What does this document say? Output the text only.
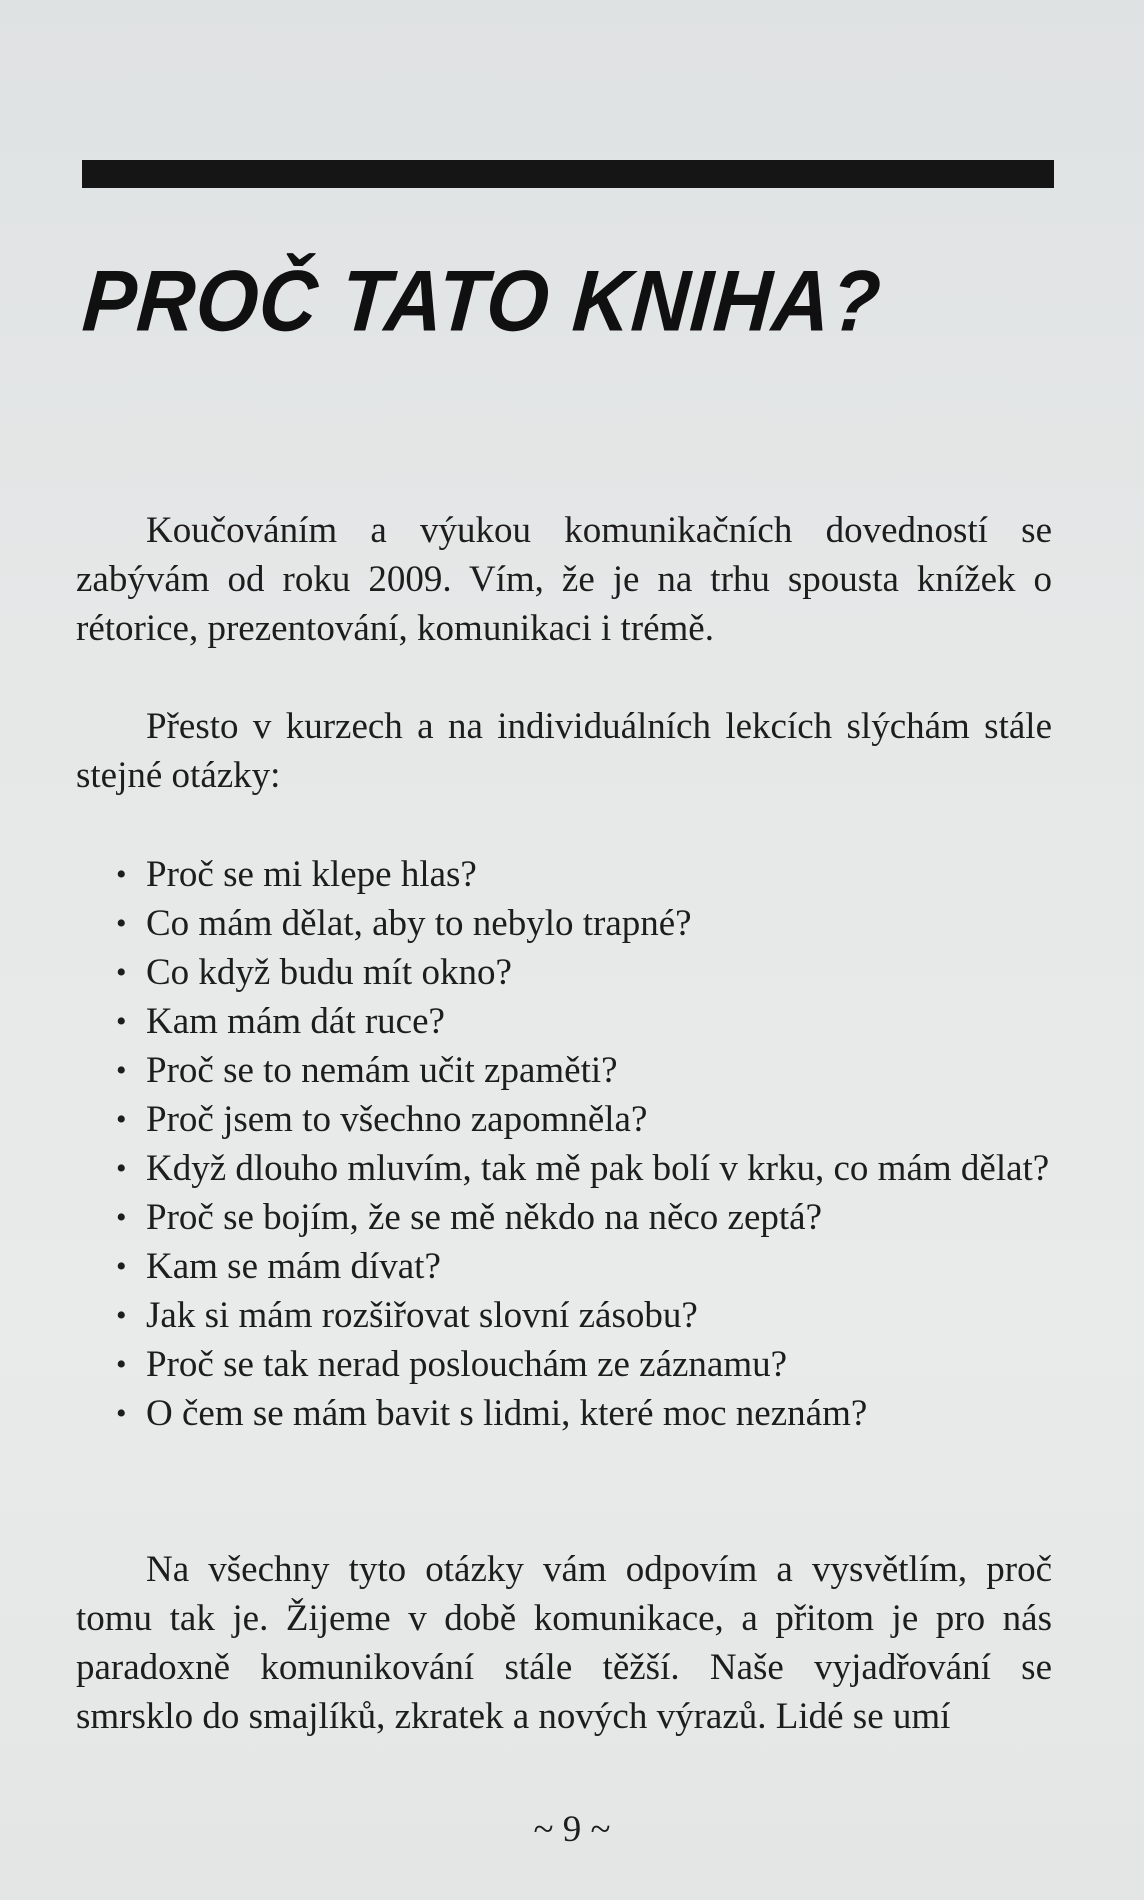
PROČ TATO KNIHA?

Koučováním a výukou komunikačních dovedností se zabývám od roku 2009. Vím, že je na trhu spousta knížek o rétorice, prezentování, komunikaci i trémě.

Přesto v kurzech a na individuálních lekcích slýchám stále stejné otázky:

• Proč se mi klepe hlas?
• Co mám dělat, aby to nebylo trapné?
• Co když budu mít okno?
• Kam mám dát ruce?
• Proč se to nemám učit zpaměti?
• Proč jsem to všechno zapomněla?
• Když dlouho mluvím, tak mě pak bolí v krku, co mám dělat?
• Proč se bojím, že se mě někdo na něco zeptá?
• Kam se mám dívat?
• Jak si mám rozšiřovat slovní zásobu?
• Proč se tak nerad poslouchám ze záznamu?
• O čem se mám bavit s lidmi, které moc neznám?

Na všechny tyto otázky vám odpovím a vysvětlím, proč tomu tak je. Žijeme v době komunikace, a přitom je pro nás paradoxně komunikování stále těžší. Naše vyjadřování se smrsklo do smajlíků, zkratek a nových výrazů. Lidé se umí

~ 9 ~
